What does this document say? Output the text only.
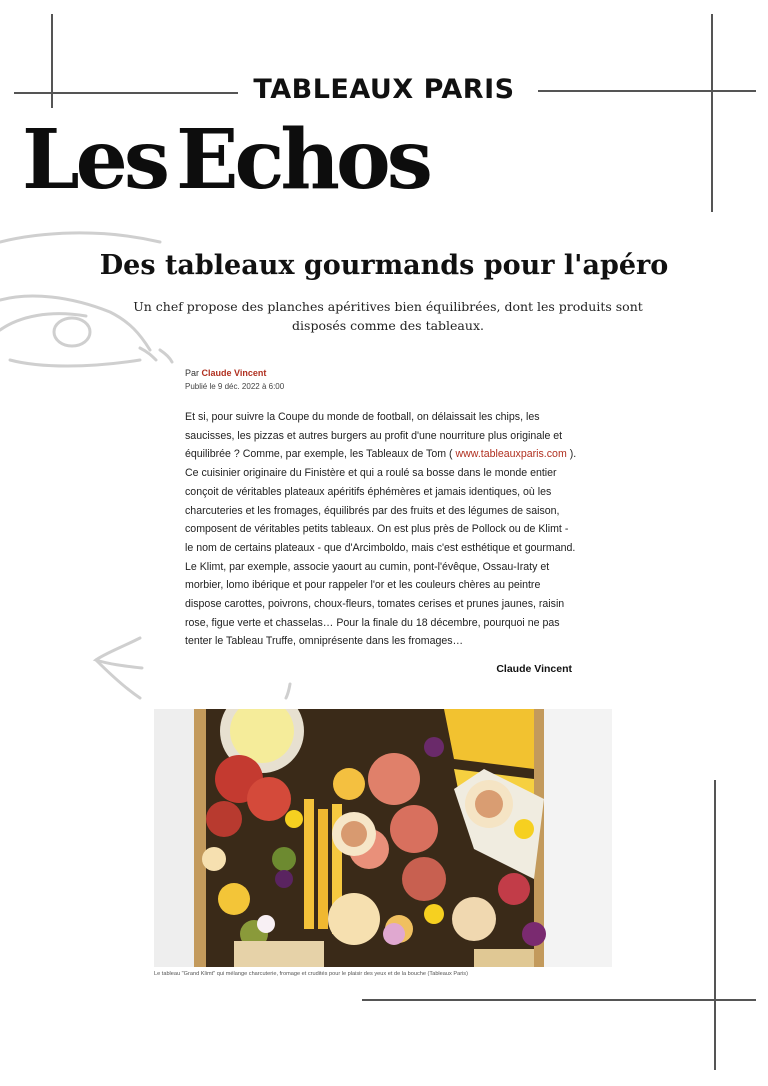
TABLEAUX PARIS
Les Echos
Des tableaux gourmands pour l'apéro
Un chef propose des planches apéritives bien équilibrées, dont les produits sont disposés comme des tableaux.
Par Claude Vincent
Publié le 9 déc. 2022 à 6:00
Et si, pour suivre la Coupe du monde de football, on délaissait les chips, les saucisses, les pizzas et autres burgers au profit d'une nourriture plus originale et équilibrée ? Comme, par exemple, les Tableaux de Tom ( www.tableauxparis.com ). Ce cuisinier originaire du Finistère et qui a roulé sa bosse dans le monde entier conçoit de véritables plateaux apéritifs éphémères et jamais identiques, où les charcuteries et les fromages, équilibrés par des fruits et des légumes de saison, composent de véritables petits tableaux. On est plus près de Pollock ou de Klimt - le nom de certains plateaux - que d'Arcimboldo, mais c'est esthétique et gourmand. Le Klimt, par exemple, associe yaourt au cumin, pont-l'évêque, Ossau-Iraty et morbier, lomo ibérique et pour rappeler l'or et les couleurs chères au peintre dispose carottes, poivrons, choux-fleurs, tomates cerises et prunes jaunes, raisin rose, figue verte et chasselas… Pour la finale du 18 décembre, pourquoi ne pas tenter le Tableau Truffe, omniprésente dans les fromages…
Claude Vincent
Le tableau "Grand Klimt" qui mélange charcuterie, fromage et crudités pour le plaisir des yeux et de la bouche (Tableaux Paris)
